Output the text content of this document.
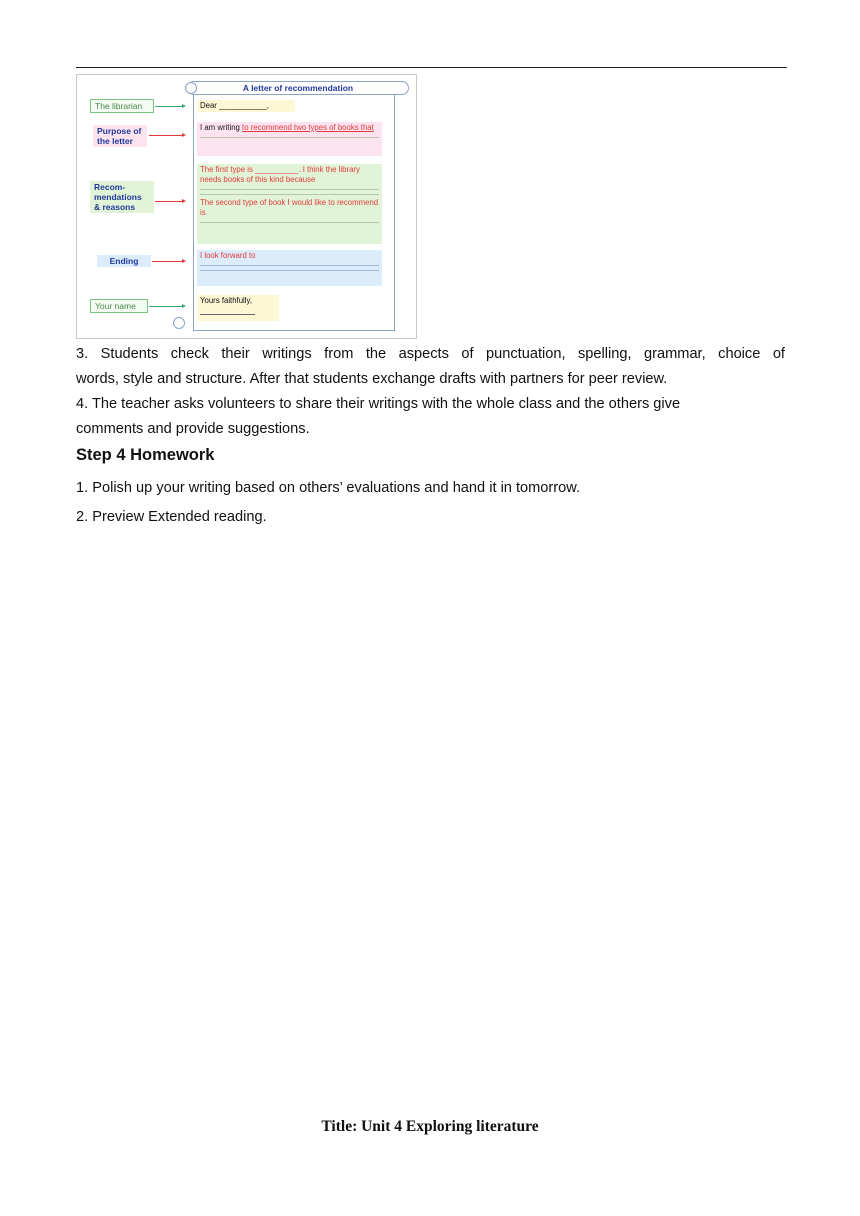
The librarian
Purpose of the letter
Recom- mendations & reasons
Ending
Your name
A letter of recommendation
Dear ___________,
I am writing to recommend two types of books that
The first type is __________. I think the library needs books of this kind because
The second type of book I would like to recommend is
I look forward to
Yours faithfully,
3. Students check their writings from the aspects of punctuation, spelling, grammar, choice of
words, style and structure. After that students exchange drafts with partners for peer review.
4. The teacher asks volunteers to share their writings with the whole class and the others give
comments and provide suggestions.
Step 4 Homework
1. Polish up your writing based on others’ evaluations and hand it in tomorrow.
2. Preview Extended reading.
Title: Unit 4 Exploring literature
